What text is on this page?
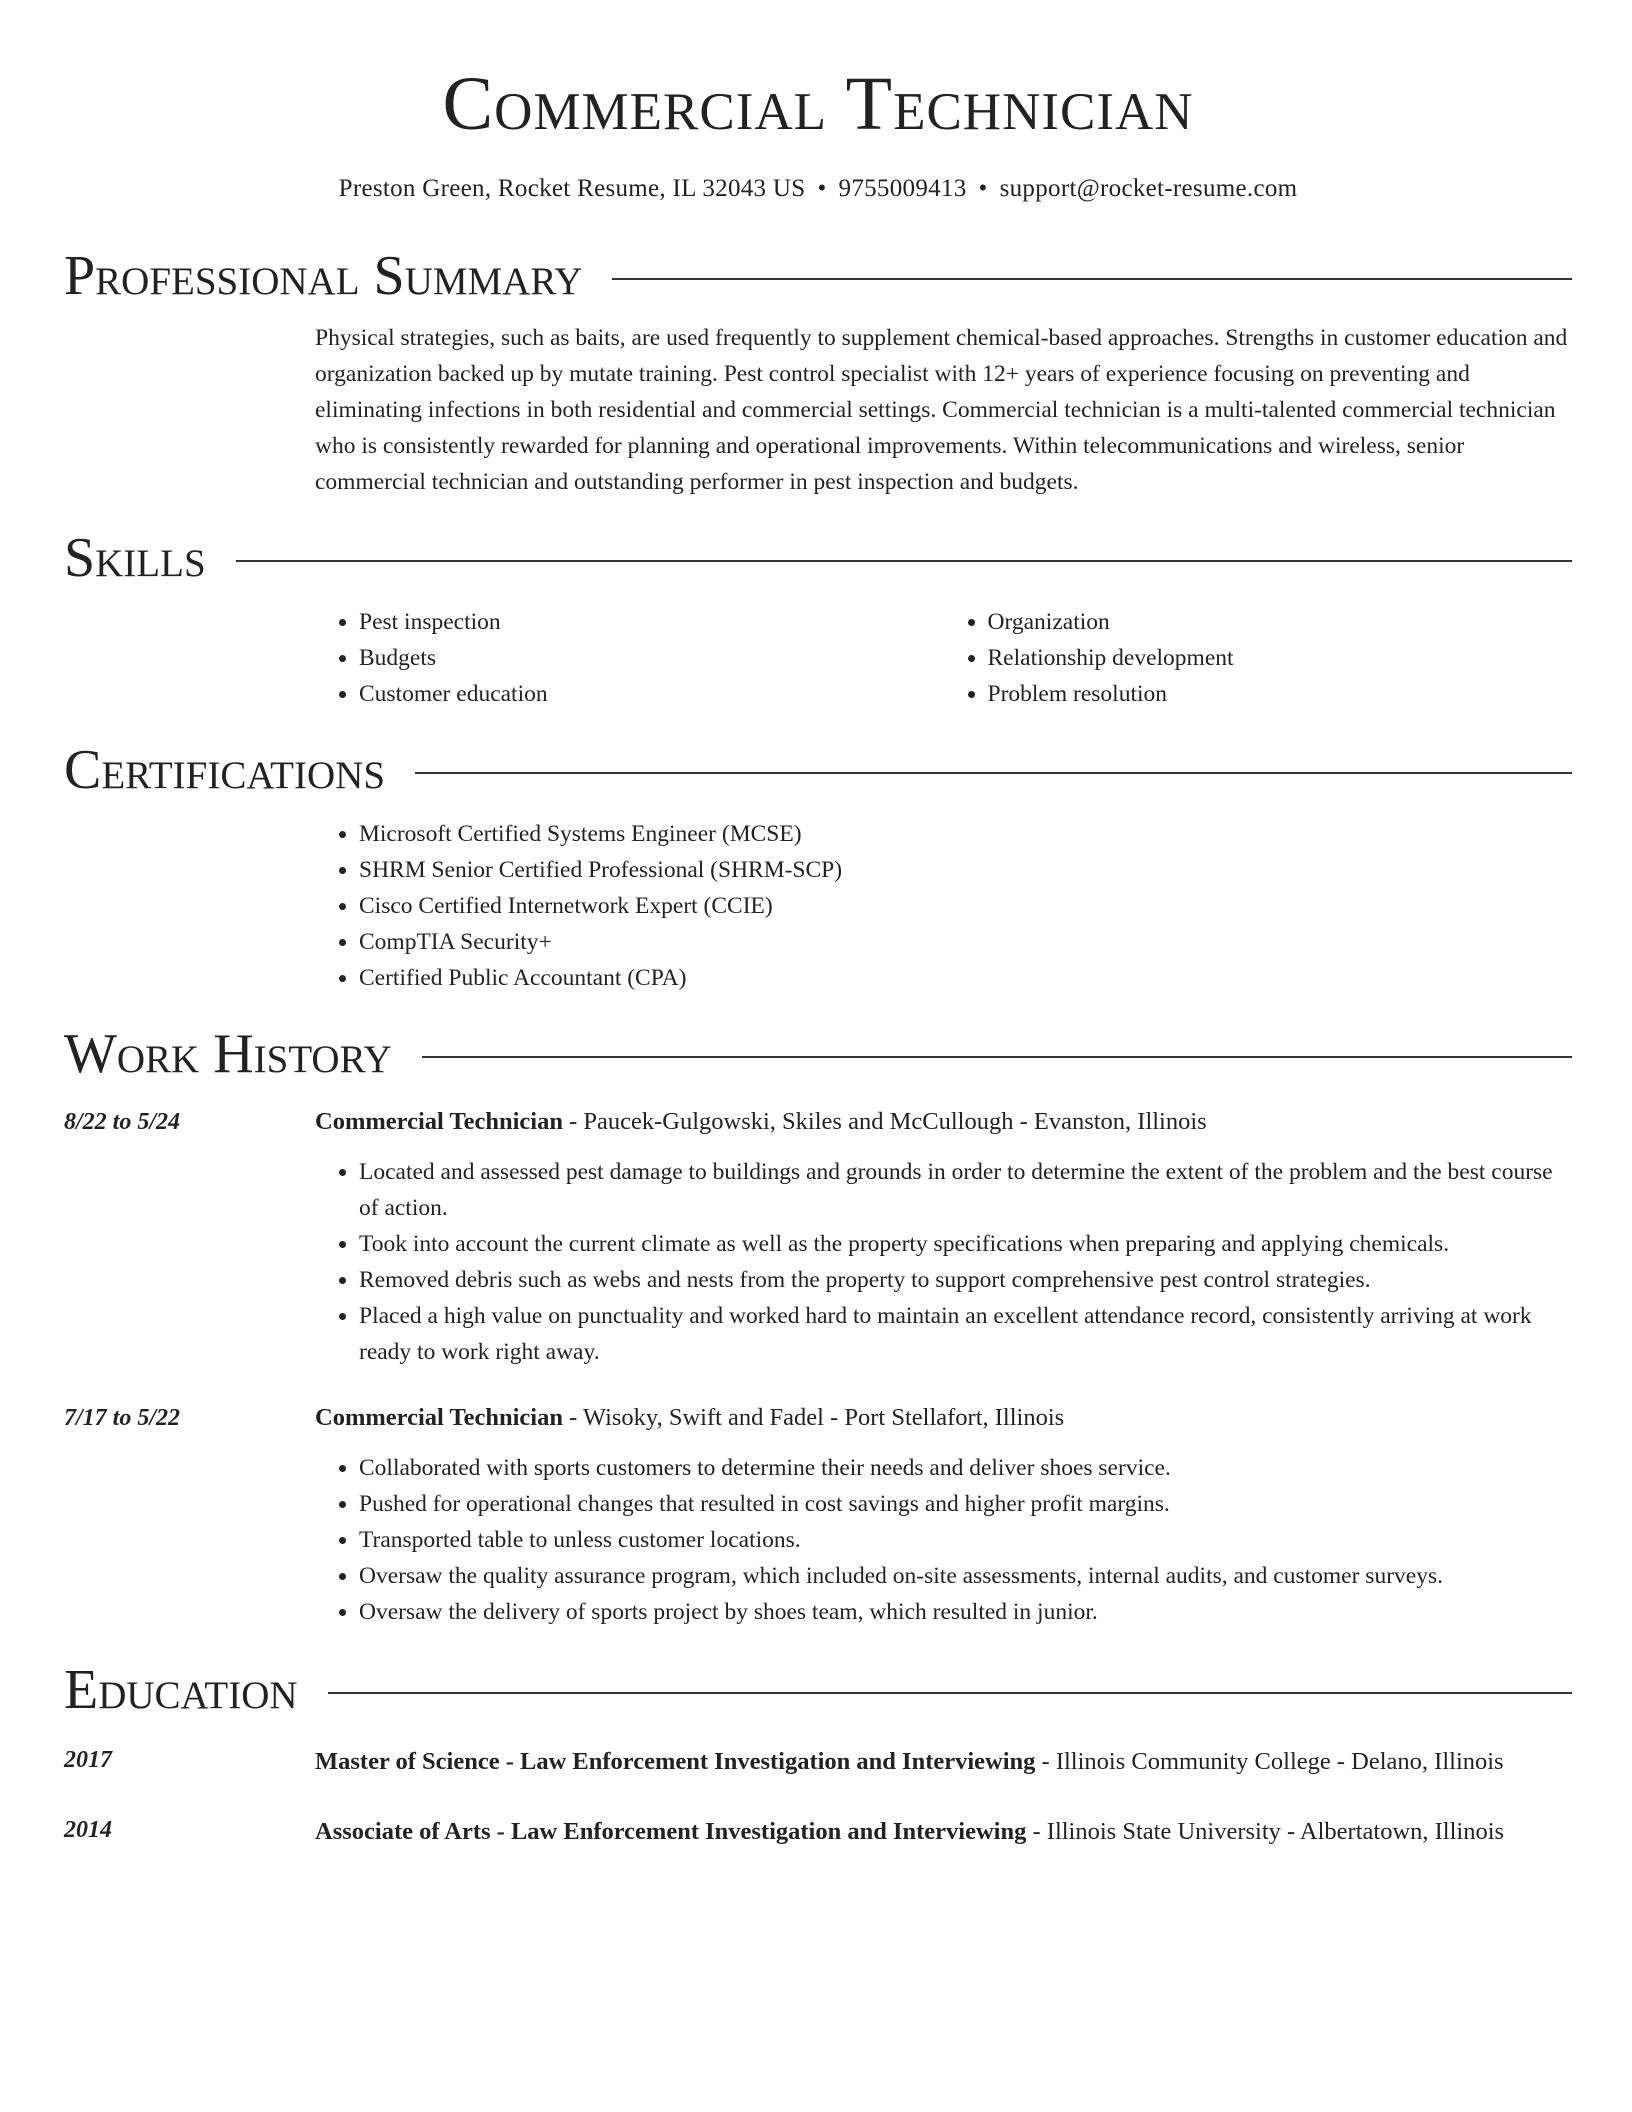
Commercial Technician
Preston Green, Rocket Resume, IL 32043 US • 9755009413 • support@rocket-resume.com
Professional Summary
Physical strategies, such as baits, are used frequently to supplement chemical-based approaches. Strengths in customer education and organization backed up by mutate training. Pest control specialist with 12+ years of experience focusing on preventing and eliminating infections in both residential and commercial settings. Commercial technician is a multi-talented commercial technician who is consistently rewarded for planning and operational improvements. Within telecommunications and wireless, senior commercial technician and outstanding performer in pest inspection and budgets.
Skills
• Pest inspection
• Budgets
• Customer education
• Organization
• Relationship development
• Problem resolution
Certifications
• Microsoft Certified Systems Engineer (MCSE)
• SHRM Senior Certified Professional (SHRM-SCP)
• Cisco Certified Internetwork Expert (CCIE)
• CompTIA Security+
• Certified Public Accountant (CPA)
Work History
8/22 to 5/24	Commercial Technician - Paucek-Gulgowski, Skiles and McCullough - Evanston, Illinois
• Located and assessed pest damage to buildings and grounds in order to determine the extent of the problem and the best course of action.
• Took into account the current climate as well as the property specifications when preparing and applying chemicals.
• Removed debris such as webs and nests from the property to support comprehensive pest control strategies.
• Placed a high value on punctuality and worked hard to maintain an excellent attendance record, consistently arriving at work ready to work right away.
7/17 to 5/22	Commercial Technician - Wisoky, Swift and Fadel - Port Stellafort, Illinois
• Collaborated with sports customers to determine their needs and deliver shoes service.
• Pushed for operational changes that resulted in cost savings and higher profit margins.
• Transported table to unless customer locations.
• Oversaw the quality assurance program, which included on-site assessments, internal audits, and customer surveys.
• Oversaw the delivery of sports project by shoes team, which resulted in junior.
Education
2017	Master of Science - Law Enforcement Investigation and Interviewing - Illinois Community College - Delano, Illinois
2014	Associate of Arts - Law Enforcement Investigation and Interviewing - Illinois State University - Albertatown, Illinois
